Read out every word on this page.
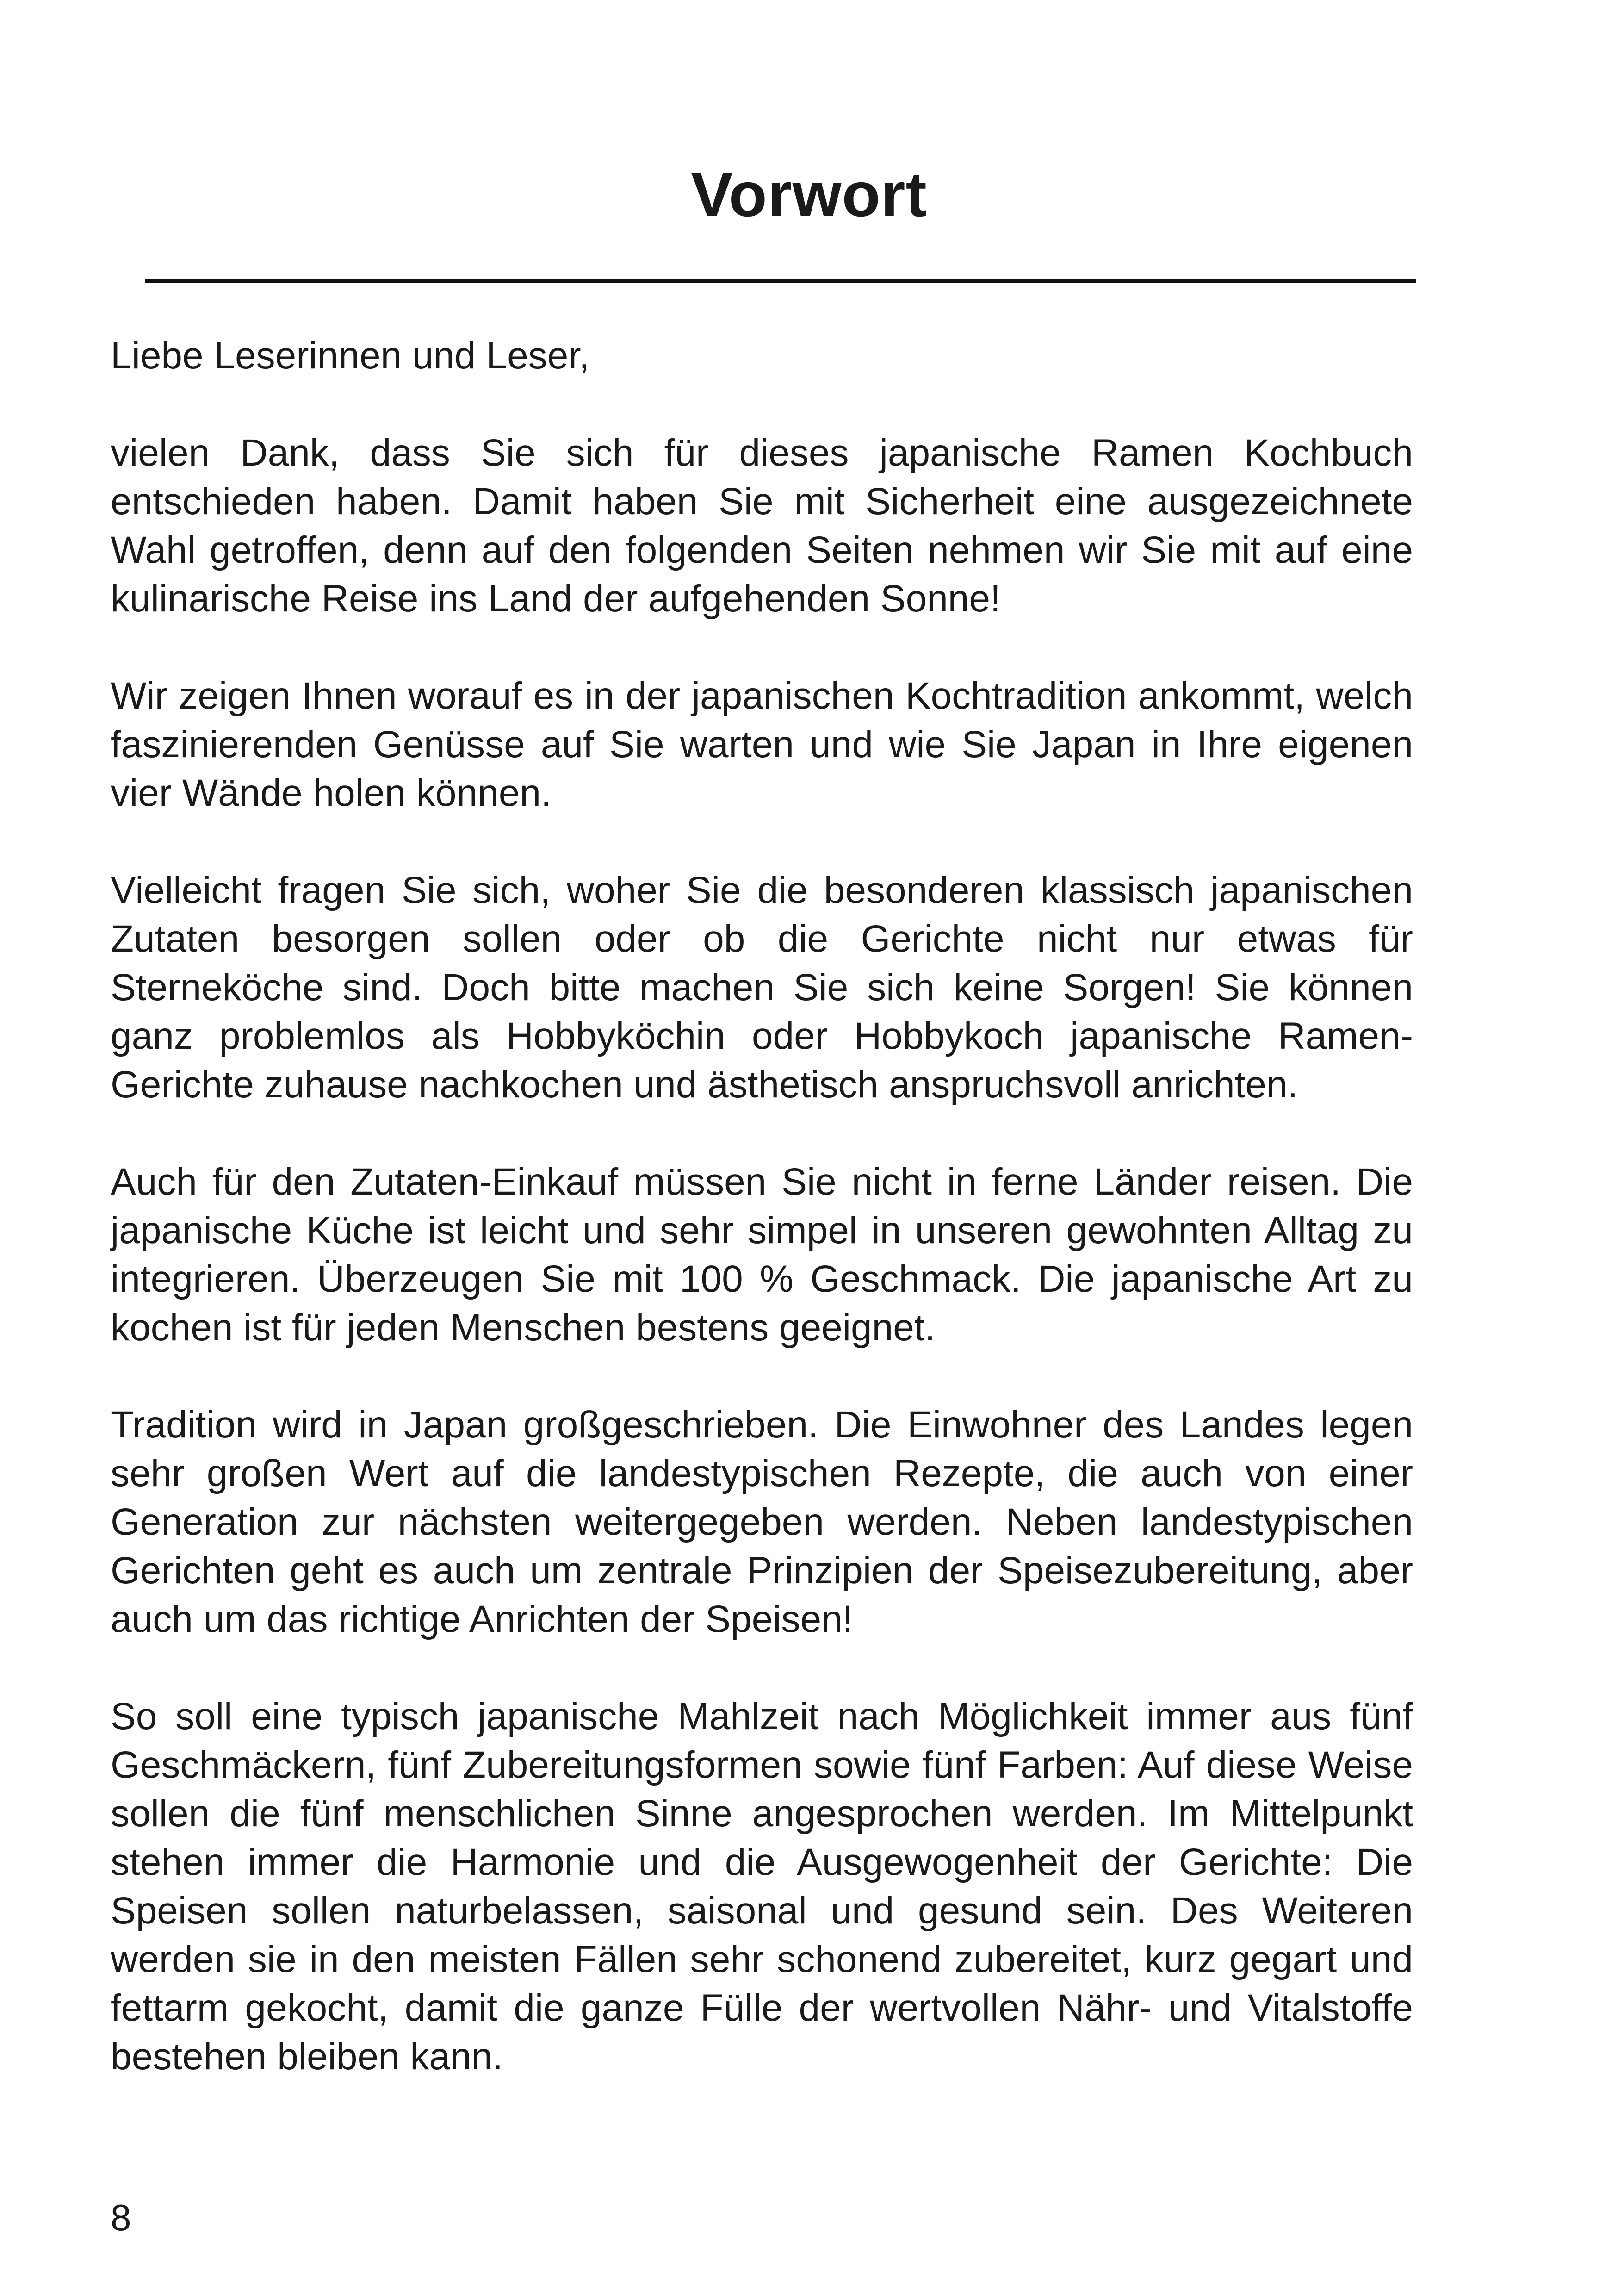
Vorwort

Liebe Leserinnen und Leser,

vielen Dank, dass Sie sich für dieses japanische Ramen Kochbuch entschieden haben. Damit haben Sie mit Sicherheit eine ausgezeichnete Wahl getroffen, denn auf den folgenden Seiten nehmen wir Sie mit auf eine kulinarische Reise ins Land der aufgehenden Sonne!

Wir zeigen Ihnen worauf es in der japanischen Kochtradition ankommt, welch faszinierenden Genüsse auf Sie warten und wie Sie Japan in Ihre eigenen vier Wände holen können.

Vielleicht fragen Sie sich, woher Sie die besonderen klassisch japanischen Zutaten besorgen sollen oder ob die Gerichte nicht nur etwas für Sterneköche sind. Doch bitte machen Sie sich keine Sorgen! Sie können ganz problemlos als Hobbyköchin oder Hobbykoch japanische Ramen-Gerichte zuhause nachkochen und ästhetisch anspruchsvoll anrichten.

Auch für den Zutaten-Einkauf müssen Sie nicht in ferne Länder reisen. Die japanische Küche ist leicht und sehr simpel in unseren gewohnten Alltag zu integrieren. Überzeugen Sie mit 100 % Geschmack. Die japanische Art zu kochen ist für jeden Menschen bestens geeignet.

Tradition wird in Japan großgeschrieben. Die Einwohner des Landes legen sehr großen Wert auf die landestypischen Rezepte, die auch von einer Generation zur nächsten weitergegeben werden. Neben landestypischen Gerichten geht es auch um zentrale Prinzipien der Speisezubereitung, aber auch um das richtige Anrichten der Speisen!

So soll eine typisch japanische Mahlzeit nach Möglichkeit immer aus fünf Geschmäckern, fünf Zubereitungsformen sowie fünf Farben: Auf diese Weise sollen die fünf menschlichen Sinne angesprochen werden. Im Mittelpunkt stehen immer die Harmonie und die Ausgewogenheit der Gerichte: Die Speisen sollen naturbelassen, saisonal und gesund sein. Des Weiteren werden sie in den meisten Fällen sehr schonend zubereitet, kurz gegart und fettarm gekocht, damit die ganze Fülle der wertvollen Nähr- und Vitalstoffe bestehen bleiben kann.

8
